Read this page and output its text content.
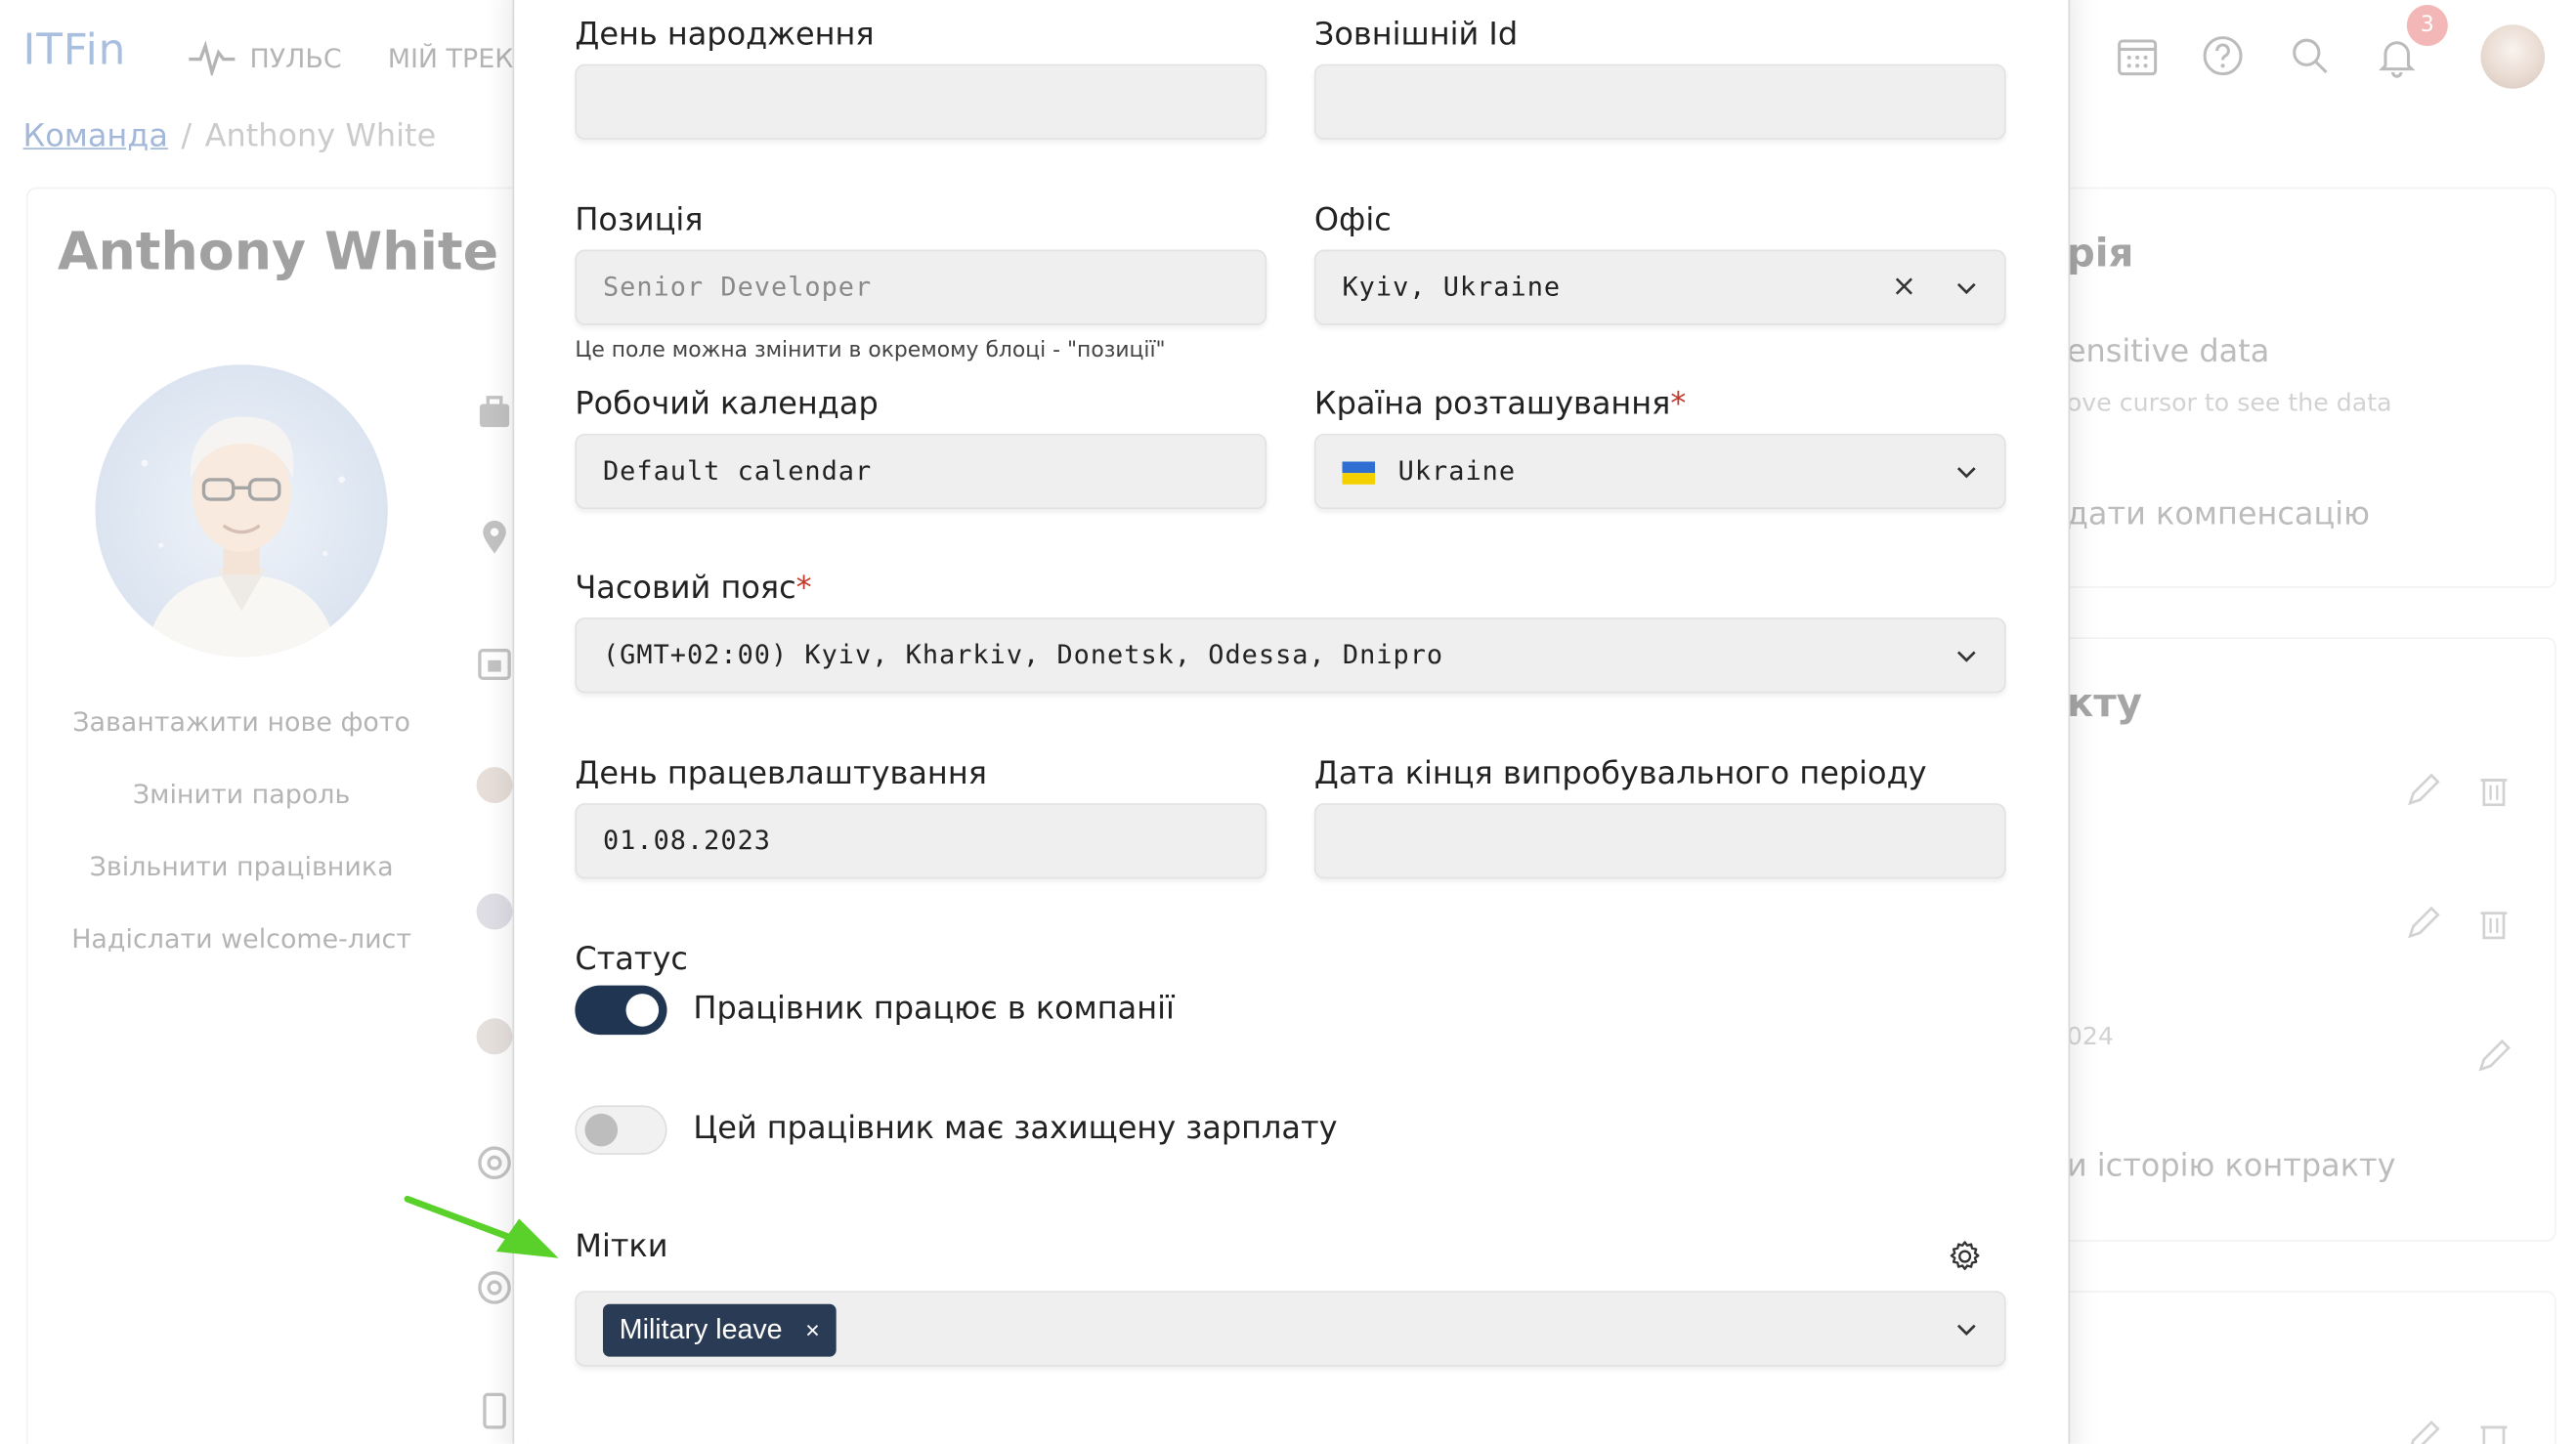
День народження	Зовнішній Id
Позиція
Senior Developer
Це поле можна змінити в окремому блоці - "позиції"
Офіс
Kyiv, Ukraine	×
Робочий календар
Default calendar
Країна розташування*
Ukraine
Часовий пояс*
(GMT+02:00) Kyiv, Kharkiv, Donetsk, Odessa, Dnipro
День працевлаштування
01.08.2023
Дата кінця випробувального періоду
Статус
Працівник працює в компанії
Цей працівник має захищену зарплату
Мітки
Military leave ×
